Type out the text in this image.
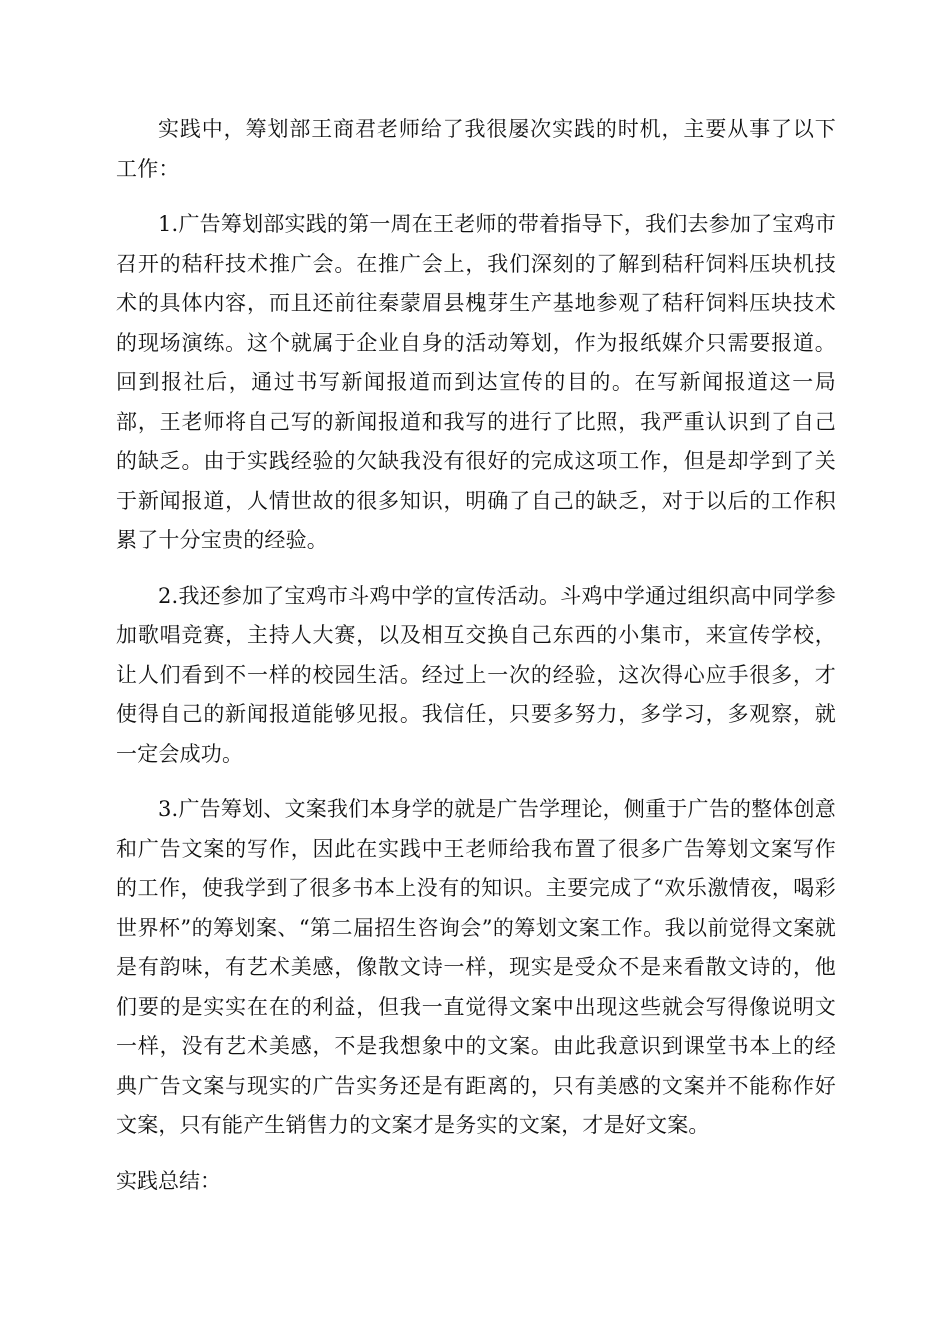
实践中，筹划部王商君老师给了我很屡次实践的时机，主要从事了以下工作：

1.广告筹划部实践的第一周在王老师的带着指导下，我们去参加了宝鸡市召开的秸秆技术推广会。在推广会上，我们深刻的了解到秸秆饲料压块机技术的具体内容，而且还前往秦蒙眉县槐芽生产基地参观了秸秆饲料压块技术的现场演练。这个就属于企业自身的活动筹划，作为报纸媒介只需要报道。回到报社后，通过书写新闻报道而到达宣传的目的。在写新闻报道这一局部，王老师将自己写的新闻报道和我写的进行了比照，我严重认识到了自己的缺乏。由于实践经验的欠缺我没有很好的完成这项工作，但是却学到了关于新闻报道，人情世故的很多知识，明确了自己的缺乏，对于以后的工作积累了十分宝贵的经验。

2.我还参加了宝鸡市斗鸡中学的宣传活动。斗鸡中学通过组织高中同学参加歌唱竞赛，主持人大赛，以及相互交换自己东西的小集市，来宣传学校，让人们看到不一样的校园生活。经过上一次的经验，这次得心应手很多，才使得自己的新闻报道能够见报。我信任，只要多努力，多学习，多观察，就一定会成功。

3.广告筹划、文案我们本身学的就是广告学理论，侧重于广告的整体创意和广告文案的写作，因此在实践中王老师给我布置了很多广告筹划文案写作的工作，使我学到了很多书本上没有的知识。主要完成了“欢乐激情夜，喝彩世界杯”的筹划案、“第二届招生咨询会”的筹划文案工作。我以前觉得文案就是有韵味，有艺术美感，像散文诗一样，现实是受众不是来看散文诗的，他们要的是实实在在的利益，但我一直觉得文案中出现这些就会写得像说明文一样，没有艺术美感，不是我想象中的文案。由此我意识到课堂书本上的经典广告文案与现实的广告实务还是有距离的，只有美感的文案并不能称作好文案，只有能产生销售力的文案才是务实的文案，才是好文案。

实践总结：
